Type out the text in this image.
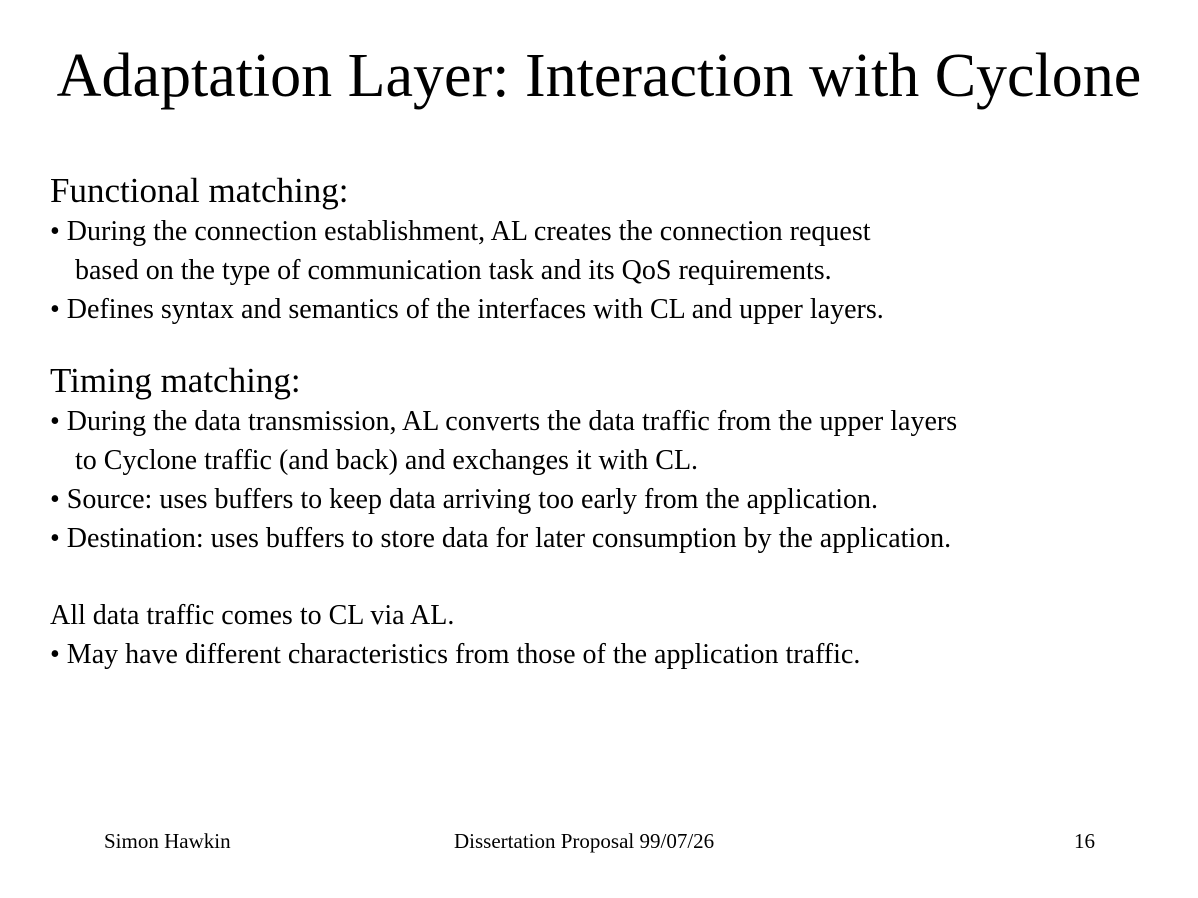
Adaptation Layer: Interaction with Cyclone
Functional matching:
• During the connection establishment, AL creates the connection request
based on the type of communication task and its QoS requirements.
• Defines syntax and semantics of the interfaces with CL and upper layers.
Timing matching:
• During the data transmission, AL converts the data traffic from the upper layers
to Cyclone traffic (and back) and exchanges it with CL.
• Source: uses buffers to keep data arriving too early from the application.
• Destination: uses buffers to store data for later consumption by the application.
All data traffic comes to CL via AL.
• May have different characteristics from those of the application traffic.
Simon Hawkin	Dissertation Proposal 99/07/26	16
